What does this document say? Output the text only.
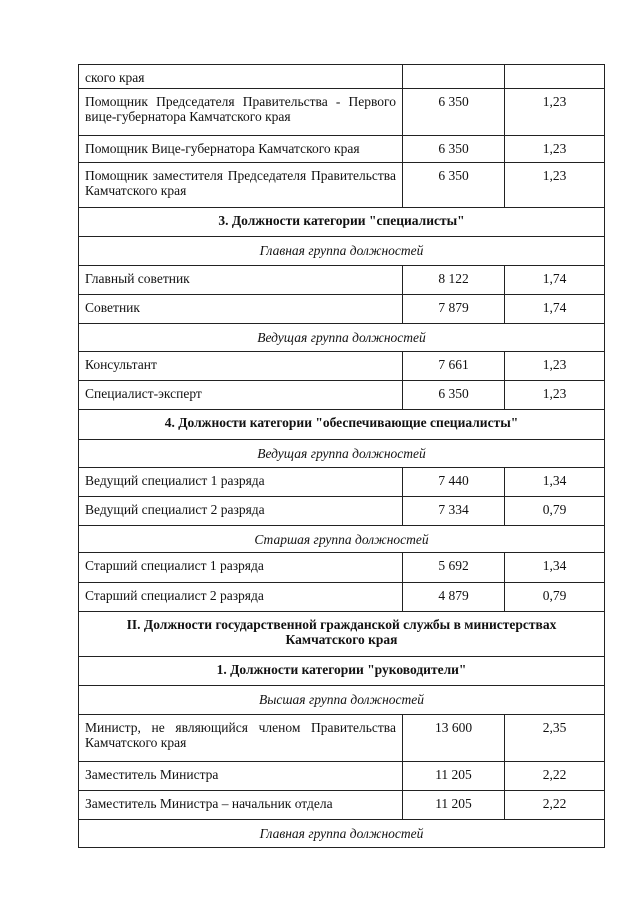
ского края		
Помощник Председателя Правительства - Первого вице-губернатора Камчатского края	6 350	1,23
Помощник Вице-губернатора Камчатского края	6 350	1,23
Помощник заместителя Председателя Правительства Камчатского края	6 350	1,23
3. Должности категории "специалисты"		
Главная группа должностей		
Главный советник	8 122	1,74
Советник	7 879	1,74
Ведущая группа должностей		
Консультант	7 661	1,23
Специалист-эксперт	6 350	1,23
4. Должности категории "обеспечивающие специалисты"		
Ведущая группа должностей		
Ведущий специалист 1 разряда	7 440	1,34
Ведущий специалист 2 разряда	7 334	0,79
Старшая группа должностей		
Старший специалист 1 разряда	5 692	1,34
Старший специалист 2 разряда	4 879	0,79
II. Должности государственной гражданской службы в министерствах Камчатского края		
1. Должности категории "руководители"		
Высшая группа должностей		
Министр, не являющийся членом Правительства Камчатского края	13 600	2,35
Заместитель Министра	11 205	2,22
Заместитель Министра – начальник отдела	11 205	2,22
Главная группа должностей		
